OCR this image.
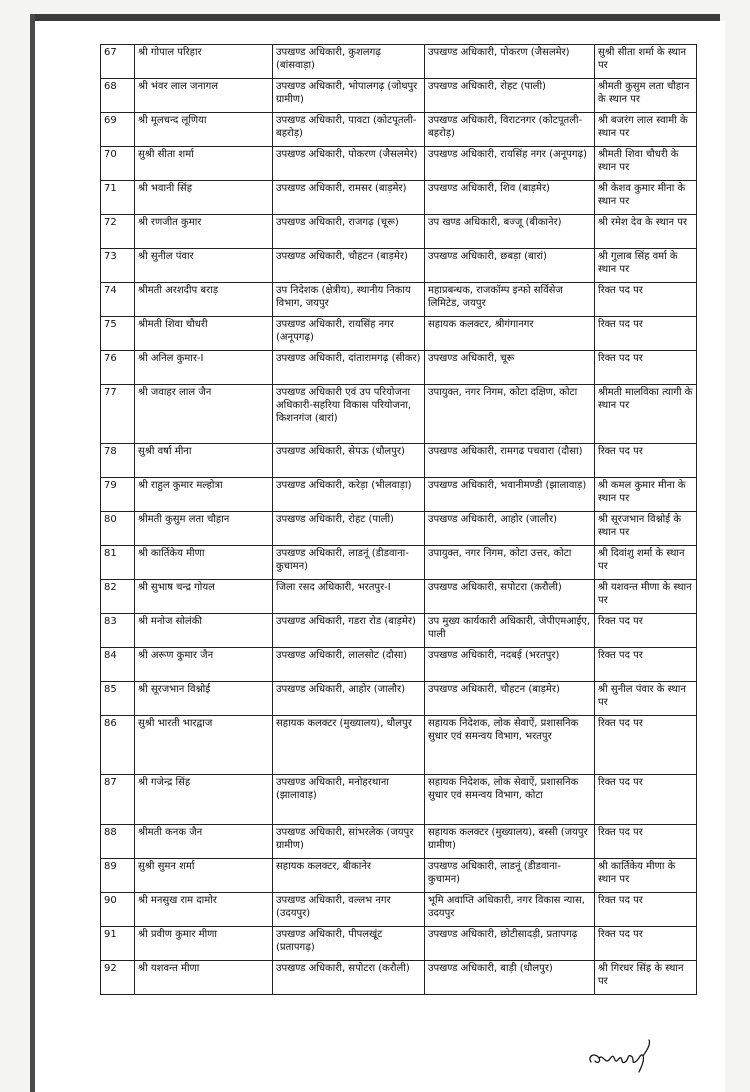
67	श्री गोपाल परिहार	उपखण्ड अधिकारी, कुशलगढ़ (बांसवाड़ा)	उपखण्ड अधिकारी, पोकरण (जैसलमेर)	सुश्री सीता शर्मा के स्थान पर
68	श्री भंवर लाल जनागल	उपखण्ड अधिकारी, भोपालगढ़ (जोधपुर ग्रामीण)	उपखण्ड अधिकारी, रोहट (पाली)	श्रीमती कुसुम लता चौहान के स्थान पर
69	श्री मूलचन्द लूणिया	उपखण्ड अधिकारी, पावटा (कोटपूतली-बहरोड़)	उपखण्ड अधिकारी, विराटनगर (कोटपूतली-बहरोड़)	श्री बजरंग लाल स्वामी के स्थान पर
70	सुश्री सीता शर्मा	उपखण्ड अधिकारी, पोकरण (जैसलमेर)	उपखण्ड अधिकारी, रायसिंह नगर (अनूपगढ़)	श्रीमती शिवा चौधरी के स्थान पर
71	श्री भवानी सिंह	उपखण्ड अधिकारी, रामसर (बाड़मेर)	उपखण्ड अधिकारी, शिव (बाड़मेर)	श्री केशव कुमार मीना के स्थान पर
72	श्री रणजीत कुमार	उपखण्ड अधिकारी, राजगढ़ (चूरू)	उप खण्ड अधिकारी, बज्जू (बीकानेर)	श्री रमेश देव के स्थान पर
73	श्री सुनील पंवार	उपखण्ड अधिकारी, चौहटन (बाड़मेर)	उपखण्ड अधिकारी, छबड़ा (बारां)	श्री गुलाब सिंह वर्मा के स्थान पर
74	श्रीमती अरशदीप बराड़	उप निदेशक (क्षेत्रीय), स्थानीय निकाय विभाग, जयपुर	महाप्रबन्धक, राजकॉम्प इन्फो सर्विसेज लिमिटेड, जयपुर	रिक्त पद पर
75	श्रीमती शिवा चौधरी	उपखण्ड अधिकारी, रायसिंह नगर (अनूपगढ़)	सहायक कलक्टर, श्रीगंगानगर	रिक्त पद पर
76	श्री अनिल कुमार-I	उपखण्ड अधिकारी, दांतारामगढ़ (सीकर)	उपखण्ड अधिकारी, चूरू	रिक्त पद पर
77	श्री जवाहर लाल जैन	उपखण्ड अधिकारी एवं उप परियोजना अधिकारी-सहरिया विकास परियोजना, किशनगंज (बारां)	उपायुक्त, नगर निगम, कोटा दक्षिण, कोटा	श्रीमती मालविका त्यागी के स्थान पर
78	सुश्री वर्षा मीना	उपखण्ड अधिकारी, सेपऊ (धौलपुर)	उपखण्ड अधिकारी, रामगढ पचवारा (दौसा)	रिक्त पद पर
79	श्री राहुल कुमार मल्होत्रा	उपखण्ड अधिकारी, करेड़ा (भीलवाड़ा)	उपखण्ड अधिकारी, भवानीमण्डी (झालावाड़)	श्री कमल कुमार मीना के स्थान पर
80	श्रीमती कुसुम लता चौहान	उपखण्ड अधिकारी, रोहट (पाली)	उपखण्ड अधिकारी, आहोर (जालौर)	श्री सूरजभान विश्नोई के स्थान पर
81	श्री कार्तिकेय मीणा	उपखण्ड अधिकारी, लाडनूं (डीडवाना-कुचामन)	उपायुक्त, नगर निगम, कोटा उत्तर, कोटा	श्री दिवांशु शर्मा के स्थान पर
82	श्री सुभाष चन्द्र गोयल	जिला रसद अधिकारी, भरतपुर-I	उपखण्ड अधिकारी, सपोटरा (करौली)	श्री यशवन्त मीणा के स्थान पर
83	श्री मनोज सोलंकी	उपखण्ड अधिकारी, गडरा रोड (बाड़मेर)	उप मुख्य कार्यकारी अधिकारी, जेपीएमआईए, पाली	रिक्त पद पर
84	श्री अरूण कुमार जैन	उपखण्ड अधिकारी, लालसोट (दौसा)	उपखण्ड अधिकारी, नदबई (भरतपुर)	रिक्त पद पर
85	श्री सूरजभान विश्नोई	उपखण्ड अधिकारी, आहोर (जालौर)	उपखण्ड अधिकारी, चौहटन (बाड़मेर)	श्री सुनील पंवार के स्थान पर
86	सुश्री भारती भारद्वाज	सहायक कलक्टर (मुख्यालय), धौलपुर	सहायक निदेशक, लोक सेवाऐं, प्रशासनिक सुधार एवं समन्वय विभाग, भरतपुर	रिक्त पद पर
87	श्री गजेन्द्र सिंह	उपखण्ड अधिकारी, मनोहरथाना (झालावाड़)	सहायक निदेशक, लोक सेवाऐं, प्रशासनिक सुधार एवं समन्वय विभाग, कोटा	रिक्त पद पर
88	श्रीमती कनक जैन	उपखण्ड अधिकारी, सांभरलेक (जयपुर ग्रामीण)	सहायक कलक्टर (मुख्यालय), बस्सी (जयपुर ग्रामीण)	रिक्त पद पर
89	सुश्री सुमन शर्मा	सहायक कलक्टर, बीकानेर	उपखण्ड अधिकारी, लाडनूं (डीडवाना-कुचामन)	श्री कार्तिकेय मीणा के स्थान पर
90	श्री मनसुख राम दामोर	उपखण्ड अधिकारी, वल्लभ नगर (उदयपुर)	भूमि अवाप्ति अधिकारी, नगर विकास न्यास, उदयपुर	रिक्त पद पर
91	श्री प्रवीण कुमार मीणा	उपखण्ड अधिकारी, पीपलखूंट (प्रतापगढ़)	उपखण्ड अधिकारी, छोटीसादड़ी, प्रतापगढ़	रिक्त पद पर
92	श्री यशवन्त मीणा	उपखण्ड अधिकारी, सपोटरा (करौली)	उपखण्ड अधिकारी, बाड़ी (धौलपुर)	श्री गिरधर सिंह के स्थान पर
